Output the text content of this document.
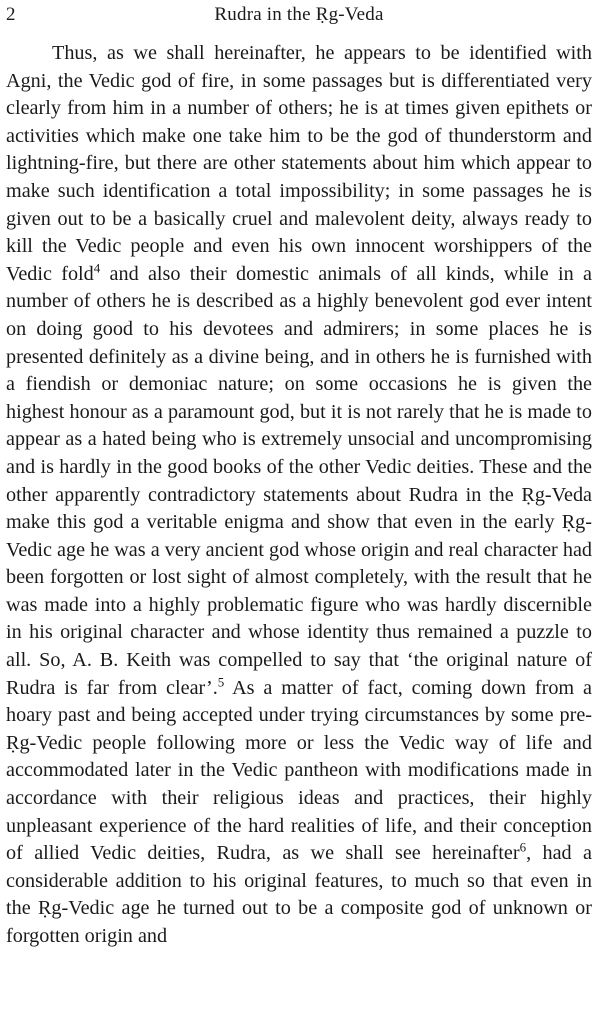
2	Rudra in the Ṛg-Veda

Thus, as we shall hereinafter, he appears to be identified with Agni, the Vedic god of fire, in some passages but is differentiated very clearly from him in a number of others; he is at times given epithets or activities which make one take him to be the god of thunderstorm and lightning-fire, but there are other statements about him which appear to make such identification a total impossibility; in some passages he is given out to be a basically cruel and malevolent deity, always ready to kill the Vedic people and even his own innocent worshippers of the Vedic fold$^4$ and also their domestic animals of all kinds, while in a number of others he is described as a highly benevolent god ever intent on doing good to his devotees and admirers; in some places he is presented definitely as a divine being, and in others he is furnished with a fiendish or demoniac nature; on some occasions he is given the highest honour as a paramount god, but it is not rarely that he is made to appear as a hated being who is extremely unsocial and uncompromising and is hardly in the good books of the other Vedic deities. These and the other apparently contradictory statements about Rudra in the Ṛg-Veda make this god a veritable enigma and show that even in the early Ṛg-Vedic age he was a very ancient god whose origin and real character had been forgotten or lost sight of almost completely, with the result that he was made into a highly problematic figure who was hardly discernible in his original character and whose identity thus remained a puzzle to all. So, A. B. Keith was compelled to say that ‘the original nature of Rudra is far from clear’.$^5$ As a matter of fact, coming down from a hoary past and being accepted under trying circumstances by some pre-Ṛg-Vedic people following more or less the Vedic way of life and accommodated later in the Vedic pantheon with modifications made in accordance with their religious ideas and practices, their highly unpleasant experience of the hard realities of life, and their conception of allied Vedic deities, Rudra, as we shall see hereinafter$^6$, had a considerable addition to his original features, to much so that even in the Ṛg-Vedic age he turned out to be a composite god of unknown or forgotten origin and
